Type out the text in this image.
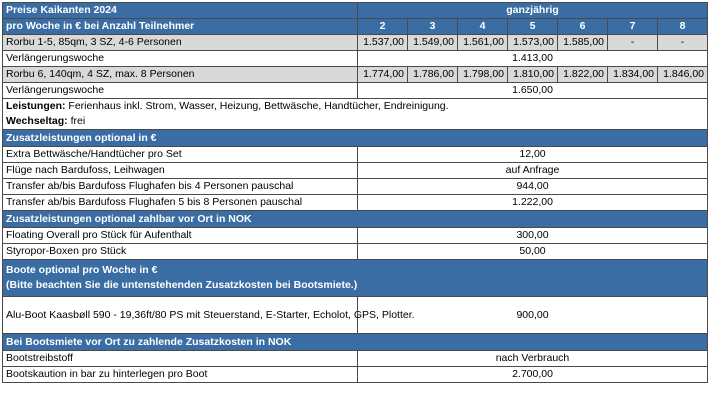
Preise Kaikanten 2024	ganzjährig						
pro Woche in € bei Anzahl Teilnehmer	2	3	4	5	6	7	8
Rorbu 1-5, 85qm, 3 SZ, 4-6 Personen	1.537,00	1.549,00	1.561,00	1.573,00	1.585,00	-	-
Verlängerungswoche	1.413,00						
Rorbu 6, 140qm, 4 SZ, max. 8 Personen	1.774,00	1.786,00	1.798,00	1.810,00	1.822,00	1.834,00	1.846,00
Verlängerungswoche	1.650,00						
Leistungen: Ferienhaus inkl. Strom, Wasser, Heizung, Bettwäsche, Handtücher, Endreinigung.
Wechseltag: frei							
Zusatzleistungen optional in €							
Extra Bettwäsche/Handtücher pro Set	12,00						
Flüge nach Bardufoss, Leihwagen	auf Anfrage						
Transfer ab/bis Bardufoss Flughafen bis 4 Personen pauschal	944,00						
Transfer ab/bis Bardufoss Flughafen 5 bis 8 Personen pauschal	1.222,00						
Zusatzleistungen optional zahlbar vor Ort in NOK							
Floating Overall pro Stück für Aufenthalt	300,00						
Styropor-Boxen pro Stück	50,00						
Boote optional pro Woche in €
(Bitte beachten Sie die untenstehenden Zusatzkosten bei Bootsmiete.)							
Alu-Boot Kaasbøll 590 - 19,36ft/80 PS mit Steuerstand, E-Starter, Echolot, GPS, Plotter.	900,00						
Bei Bootsmiete vor Ort zu zahlende Zusatzkosten in NOK							
Bootstreibstoff	nach Verbrauch						
Bootskaution in bar zu hinterlegen pro Boot	2.700,00						
